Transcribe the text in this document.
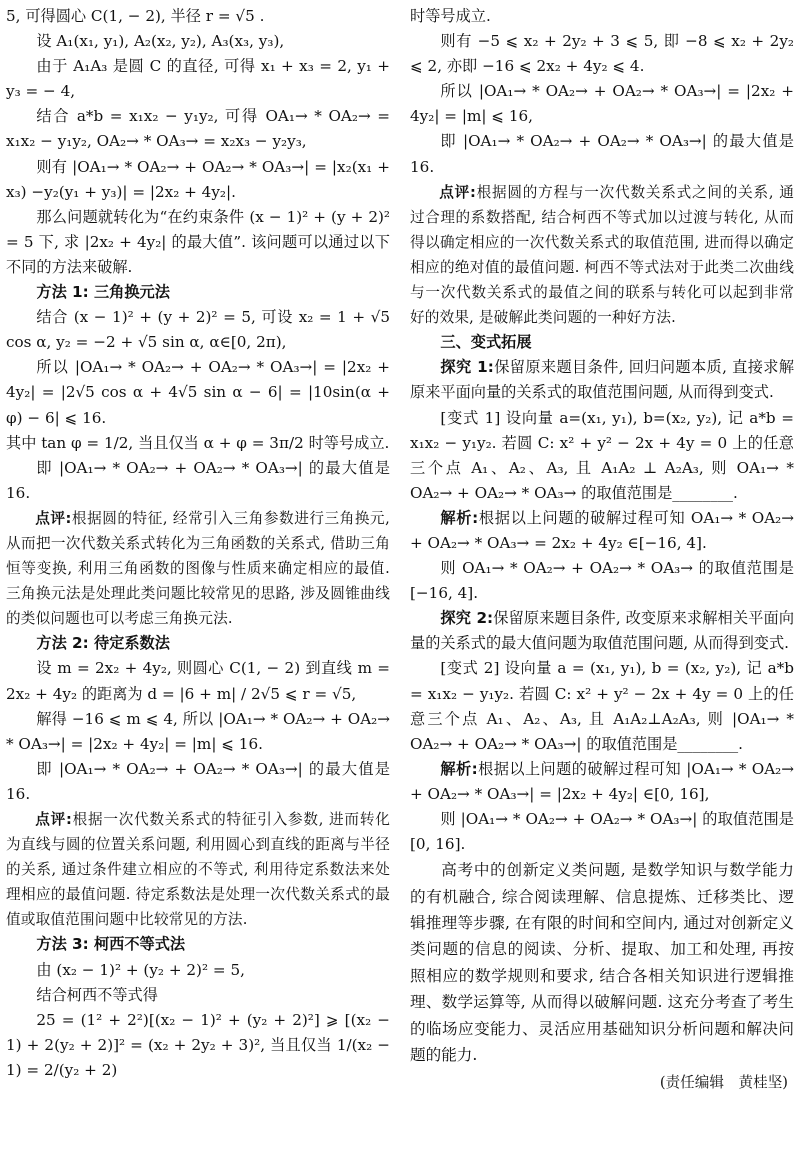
5, 可得圆心 C(1, − 2), 半径 r = √5 .

设 A₁(x₁, y₁), A₂(x₂, y₂), A₃(x₃, y₃),

由于 A₁A₃ 是圆 C 的直径, 可得 x₁ + x₃ = 2, y₁ + y₃ = − 4,

结合 a*b = x₁x₂ − y₁y₂, 可得 OA₁→ * OA₂→ = x₁x₂ − y₁y₂, OA₂→ * OA₃→ = x₂x₃ − y₂y₃,

则有 |OA₁→ * OA₂→ + OA₂→ * OA₃→| = |x₂(x₁ + x₃) −y₂(y₁ + y₃)| = |2x₂ + 4y₂|.

那么问题就转化为“在约束条件 (x − 1)² + (y + 2)² = 5 下, 求 |2x₂ + 4y₂| 的最大值”. 该问题可以通过以下不同的方法来破解.

方法 1: 三角换元法

结合 (x − 1)² + (y + 2)² = 5, 可设 x₂ = 1 + √5 cos α, y₂ = −2 + √5 sin α, α∈[0, 2π),

所以 |OA₁→ * OA₂→ + OA₂→ * OA₃→| = |2x₂ + 4y₂| = |2√5 cos α + 4√5 sin α − 6| = |10sin(α + φ) − 6| ⩽ 16.

其中 tan φ = 1/2, 当且仅当 α + φ = 3π/2 时等号成立.

即 |OA₁→ * OA₂→ + OA₂→ * OA₃→| 的最大值是 16.

点评:根据圆的特征, 经常引入三角参数进行三角换元, 从而把一次代数关系式转化为三角函数的关系式, 借助三角恒等变换, 利用三角函数的图像与性质来确定相应的最值. 三角换元法是处理此类问题比较常见的思路, 涉及圆锥曲线的类似问题也可以考虑三角换元法.

方法 2: 待定系数法

设 m = 2x₂ + 4y₂, 则圆心 C(1, − 2) 到直线 m = 2x₂ + 4y₂ 的距离为 d = |6 + m| / 2√5 ⩽ r = √5,

解得 −16 ⩽ m ⩽ 4, 所以 |OA₁→ * OA₂→ + OA₂→ * OA₃→| = |2x₂ + 4y₂| = |m| ⩽ 16.

即 |OA₁→ * OA₂→ + OA₂→ * OA₃→| 的最大值是 16.

点评:根据一次代数关系式的特征引入参数, 进而转化为直线与圆的位置关系问题, 利用圆心到直线的距离与半径的关系, 通过条件建立相应的不等式, 利用待定系数法来处理相应的最值问题. 待定系数法是处理一次代数关系式的最值或取值范围问题中比较常见的方法.

方法 3: 柯西不等式法

由 (x₂ − 1)² + (y₂ + 2)² = 5,

结合柯西不等式得

25 = (1² + 2²)[(x₂ − 1)² + (y₂ + 2)²] ⩾ [(x₂ − 1) + 2(y₂ + 2)]² = (x₂ + 2y₂ + 3)², 当且仅当 1/(x₂ − 1) = 2/(y₂ + 2)

时等号成立.

则有 −5 ⩽ x₂ + 2y₂ + 3 ⩽ 5, 即 −8 ⩽ x₂ + 2y₂ ⩽ 2, 亦即 −16 ⩽ 2x₂ + 4y₂ ⩽ 4.

所以 |OA₁→ * OA₂→ + OA₂→ * OA₃→| = |2x₂ + 4y₂| = |m| ⩽ 16,

即 |OA₁→ * OA₂→ + OA₂→ * OA₃→| 的最大值是 16.

点评:根据圆的方程与一次代数关系式之间的关系, 通过合理的系数搭配, 结合柯西不等式加以过渡与转化, 从而得以确定相应的一次代数关系式的取值范围, 进而得以确定相应的绝对值的最值问题. 柯西不等式法对于此类二次曲线与一次代数关系式的最值之间的联系与转化可以起到非常好的效果, 是破解此类问题的一种好方法.

三、变式拓展

探究 1:保留原来题目条件, 回归问题本质, 直接求解原来平面向量的关系式的取值范围问题, 从而得到变式.

[变式 1] 设向量 a=(x₁, y₁), b=(x₂, y₂), 记 a*b = x₁x₂ − y₁y₂. 若圆 C: x² + y² − 2x + 4y = 0 上的任意三个点 A₁、A₂、A₃, 且 A₁A₂ ⊥ A₂A₃, 则 OA₁→ * OA₂→ + OA₂→ * OA₃→ 的取值范围是________.

解析:根据以上问题的破解过程可知 OA₁→ * OA₂→ + OA₂→ * OA₃→ = 2x₂ + 4y₂ ∈[−16, 4].

则 OA₁→ * OA₂→ + OA₂→ * OA₃→ 的取值范围是 [−16, 4].

探究 2:保留原来题目条件, 改变原来求解相关平面向量的关系式的最大值问题为取值范围问题, 从而得到变式.

[变式 2] 设向量 a = (x₁, y₁), b = (x₂, y₂), 记 a*b = x₁x₂ − y₁y₂. 若圆 C: x² + y² − 2x + 4y = 0 上的任意三个点 A₁、A₂、A₃, 且 A₁A₂⊥A₂A₃, 则 |OA₁→ * OA₂→ + OA₂→ * OA₃→| 的取值范围是________.

解析:根据以上问题的破解过程可知 |OA₁→ * OA₂→ + OA₂→ * OA₃→| = |2x₂ + 4y₂| ∈[0, 16],

则 |OA₁→ * OA₂→ + OA₂→ * OA₃→| 的取值范围是 [0, 16].

高考中的创新定义类问题, 是数学知识与数学能力的有机融合, 综合阅读理解、信息提炼、迁移类比、逻辑推理等步骤, 在有限的时间和空间内, 通过对创新定义类问题的信息的阅读、分析、提取、加工和处理, 再按照相应的数学规则和要求, 结合各相关知识进行逻辑推理、数学运算等, 从而得以破解问题. 这充分考查了考生的临场应变能力、灵活应用基础知识分析问题和解决问题的能力.

(责任编辑　黄桂坚)
